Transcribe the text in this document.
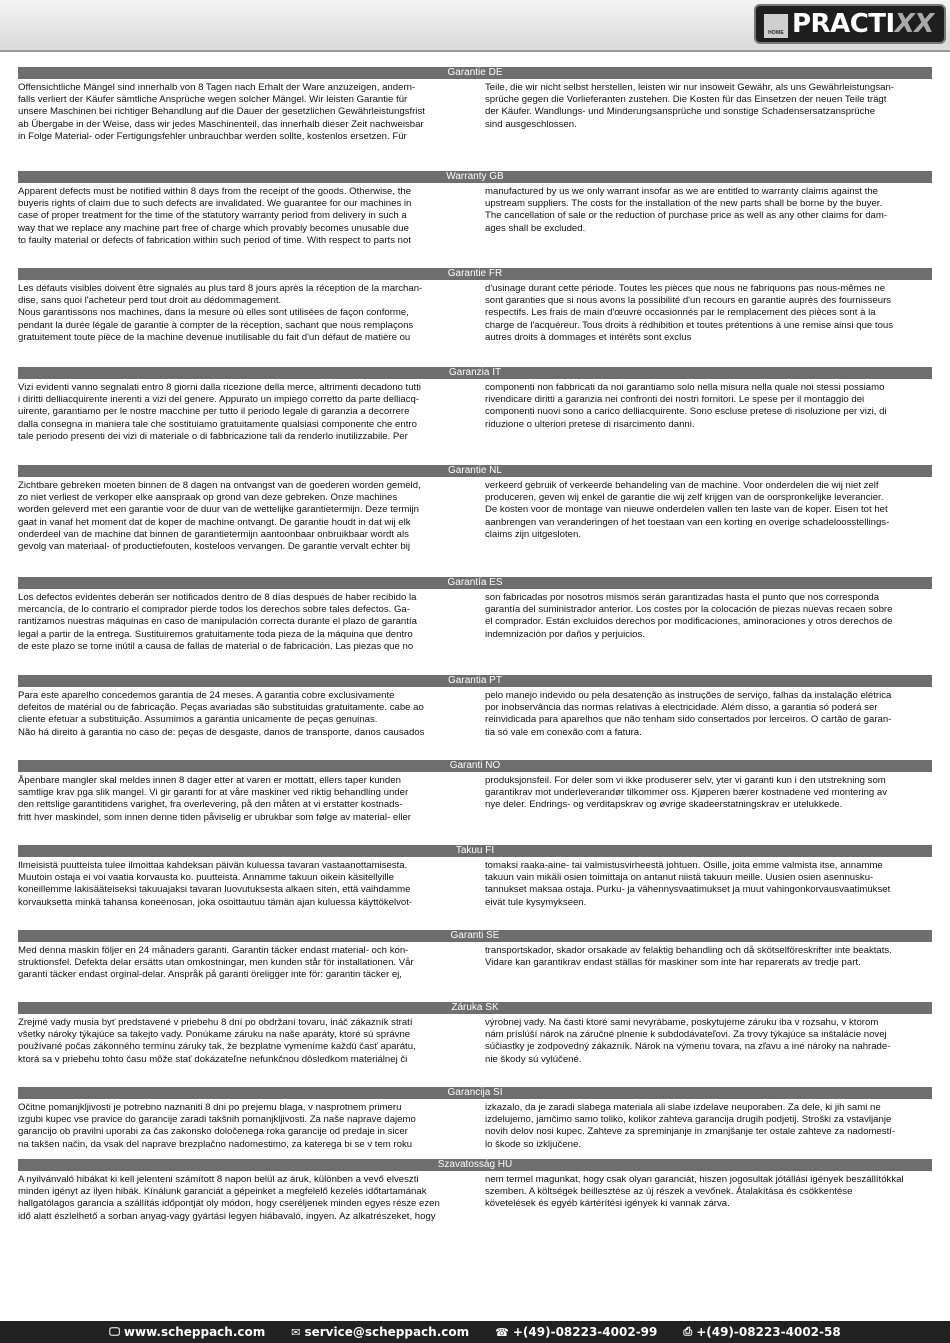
HOME PRACTIXX
Garantie DE
Offensichtliche Mängel sind innerhalb von 8 Tagen nach Erhalt der Ware anzuzeigen, andern-
falls verliert der Käufer sämtliche Ansprüche wegen solcher Mängel. Wir leisten Garantie für
unsere Maschinen bei richtiger Behandlung auf die Dauer der gesetzlichen Gewährleistungsfrist
ab Übergabe in der Weise, dass wir jedes Maschinenteil, das innerhalb dieser Zeit nachweisbar
in Folge Material- oder Fertigungsfehler unbrauchbar werden sollte, kostenlos ersetzen. Für
Teile, die wir nicht selbst herstellen, leisten wir nur insoweit Gewähr, als uns Gewährleistungsan-
sprüche gegen die Vorlieferanten zustehen. Die Kosten für das Einsetzen der neuen Teile trägt
der Käufer. Wandlungs- und Minderungsansprüche und sonstige Schadensersatzansprüche
sind ausgeschlossen.
Warranty GB
Apparent defects must be notified within 8 days from the receipt of the goods. Otherwise, the
buyeris rights of claim due to such defects are invalidated. We guarantee for our machines in
case of proper treatment for the time of the statutory warranty period from delivery in such a
way that we replace any machine part free of charge which provably becomes unusable due
to faulty material or defects of fabrication within such period of time. With respect to parts not
manufactured by us we only warrant insofar as we are entitled to warranty claims against the
upstream suppliers. The costs for the installation of the new parts shall be borne by the buyer.
The cancellation of sale or the reduction of purchase price as well as any other claims for dam-
ages shall be excluded.
Garantie FR
Les défauts visibles doivent être signalés au plus tard 8 jours après la réception de la marchan-
dise, sans quoi l'acheteur perd tout droit au dédommagement.
Nous garantissons nos machines, dans la mesure où elles sont utilisées de façon conforme,
pendant la durée légale de garantie à compter de la réception, sachant que nous remplaçons
gratuitement toute pièce de la machine devenue inutilisable du fait d'un défaut de matière ou
d'usinage durant cette période. Toutes les pièces que nous ne fabriquons pas nous-mêmes ne
sont garanties que si nous avons la possibilité d'un recours en garantie auprès des fournisseurs
respectifs. Les frais de main d'œuvre occasionnés par le remplacement des pièces sont à la
charge de l'acquéreur. Tous droits à rédhibition et toutes prétentions à une remise ainsi que tous
autres droits à dommages et intérêts sont exclus
Garanzia IT
Vizi evidenti vanno segnalati entro 8 giorni dalla ricezione della merce, altrimenti decadono tutti
i diritti delliacquirente inerenti a vizi del genere. Appurato un impiego corretto da parte delliacq-
uirente, garantiamo per le nostre macchine per tutto il periodo legale di garanzia a decorrere
dalla consegna in maniera tale che sostituiamo gratuitamente qualsiasi componente che entro
tale periodo presenti dei vizi di materiale o di fabbricazione tali da renderlo inutilizzabile. Per
componenti non fabbricati da noi garantiamo solo nella misura nella quale noi stessi possiamo
rivendicare diritti a garanzia nei confronti dei nostri fornitori. Le spese per il montaggio dei
componenti nuovi sono a carico delliacquirente. Sono escluse pretese di risoluzione per vizi, di
riduzione o ulteriori pretese di risarcimento danni.
Garantie NL
Zichtbare gebreken moeten binnen de 8 dagen na ontvangst van de goederen worden gemeld,
zo niet verliest de verkoper elke aanspraak op grond van deze gebreken. Onze machines
worden geleverd met een garantie voor de duur van de wettelijke garantietermijn. Deze termijn
gaat in vanaf het moment dat de koper de machine ontvangt. De garantie houdt in dat wij elk
onderdeel van de machine dat binnen de garantietermijn aantoonbaar onbruikbaar wordt als
gevolg van materiaal- of productiefouten, kosteloos vervangen. De garantie vervalt echter bij
verkeerd gebruik of verkeerde behandeling van de machine. Voor onderdelen die wij niet zelf
produceren, geven wij enkel de garantie die wij zelf krijgen van de oorspronkelijke leverancier.
De kosten voor de montage van nieuwe onderdelen vallen ten laste van de koper. Eisen tot het
aanbrengen van veranderingen of het toestaan van een korting en overige schadeloosstellings-
claims zijn uitgesloten.
Garantía ES
Los defectos evidentes deberán ser notificados dentro de 8 días después de haber recibido la
mercancía, de lo contrario el comprador pierde todos los derechos sobre tales defectos. Ga-
rantizamos nuestras máquinas en caso de manipulación correcta durante el plazo de garantía
legal a partir de la entrega. Sustituiremos gratuitamente toda pieza de la máquina que dentro
de este plazo se torne inútil a causa de fallas de material o de fabricación. Las piezas que no
son fabricadas por nosotros mismos serán garantizadas hasta el punto que nos corresponda
garantía del suministrador anterior. Los costes por la colocación de piezas nuevas recaen sobre
el comprador. Están excluidos derechos por modificaciones, aminoraciones y otros derechos de
indemnización por daños y perjuicios.
Garantia PT
Para este aparelho concedemos garantia de 24 meses. A garantia cobre exclusivamente
defeitos de matérial ou de fabricação. Peças avariadas são substituidas gratuitamente. cabe ao
cliente efetuar a substituição. Assumimos a garantia unicamente de peças genuinas.
Não há direito à garantia no caso de: peças de desgaste, danos de transporte, danos causados
pelo manejo indevido ou pela desatenção às instruções de serviço, falhas da instalação elétrica
por inobservância das normas relativas à electricidade. Além disso, a garantia só poderá ser
reinvidicada para aparelhos que não tenham sido consertados por lerceiros. O cartão de garan-
tia só vale em conexão com a fatura.
Garanti NO
Åpenbare mangler skal meldes innen 8 dager etter at varen er mottatt, ellers taper kunden
samtlige krav pga slik mangel. Vi gir garanti for at våre maskiner ved riktig behandling under
den rettslige garantitidens varighet, fra overlevering, på den måten at vi erstatter kostnads-
fritt hver maskindel, som innen denne tiden påviselig er ubrukbar som følge av material- eller
produksjonsfeil. For deler som vi ikke produserer selv, yter vi garanti kun i den utstrekning som
garantikrav mot underleverandør tilkommer oss. Kjøperen bærer kostnadene ved montering av
nye deler. Endrings- og verditapskrav og øvrige skadeerstatningskrav er utelukkede.
Takuu FI
Ilmeisistä puutteista tulee ilmoittaa kahdeksan päivän kuluessa tavaran vastaanottamisesta.
Muutoin ostaja ei voi vaatia korvausta ko. puutteista. Annamme takuun oikein käsitellyille
koneillemme lakisääteiseksi takuuajaksi tavaran luovutuksesta alkaen siten, että vaihdamme
korvauksetta minkä tahansa koneenosan, joka osoittautuu tämän ajan kuluessa käyttökelvot-
tomaksi raaka-aine- tai valmistusvirheestä johtuen. Osille, joita emme valmista itse, annamme
takuun vain mikäli osien toimittaja on antanut niistä takuun meille. Uusien osien asennusku-
tannukset maksaa ostaja. Purku- ja vähennysvaatimukset ja muut vahingonkorvausvaatimukset
eivät tule kysymykseen.
Garanti SE
Med denna maskin följer en 24 månaders garanti. Garantin täcker endast material- och kon-
struktionsfel. Defekta delar ersätts utan omkostningar, men kunden står för installationen. Vår
garanti täcker endast orginal-delar. Anspråk på garanti öreligger inte för: garantin täcker ej,
transportskador, skador orsakade av felaktig behandling och då skötselföreskrifter inte beaktats.
Vidare kan garantikrav endast ställas för maskiner som inte har reparerats av tredje part.
Záruka SK
Zrejmé vady musia byť predstavené v priebehu 8 dní po obdržaní tovaru, ináč zákazník stratí
všetky nároky týkajúce sa takejto vady. Ponúkame záruku na naše aparáty, ktoré sú správne
používané počas zákonného termínu záruky tak, že bezplatne vymeníme každú časť aparátu,
ktorá sa v priebehu tohto času môže stať dokázateľne nefunkčnou dôsledkom materiálnej či
výrobnej vady. Na časti ktoré sami nevyrábame, poskytujeme záruku iba v rozsahu, v ktorom
nám príslúší nárok na záručné plnenie k subdodávateľovi. Za trovy týkajúce sa inštalácie novej
súčiastky je zodpovedný zákazník. Nárok na výmenu tovara, na zľavu a iné nároky na nahrade-
nie škody sú vylúčené.
Garancija SI
Očitne pomanjkljivosti je potrebno naznaniti 8 dni po prejemu blaga, v nasprotnem primeru
izgubi kupec vse pravice do garancije zaradi takšnih pomanjkljivosti. Za naše naprave dajemo
garancijo ob pravilni uporabi za čas zakonsko določenega roka garancije od predaje in sicer
na takšen način, da vsak del naprave brezplačno nadomestimo, za katerega bi se v tem roku
izkazalo, da je zaradi slabega materiala ali slabe izdelave neuporaben. Za dele, ki jih sami ne
izdelujemo, jamčimo samo toliko, kolikor zahteva garancija drugih podjetij. Stroški za vstavljanje
novih delov nosi kupec. Zahteve za spreminjanje in zmanjšanje ter ostale zahteve za nadomestí-
lo škode so izključene.
Szavatosság HU
A nyilvánvaló hibákat ki kell jelenteni számított 8 napon belül az áruk, különben a vevő elveszti
minden igényt az ilyen hibák. Kínálunk garanciát a gépeinket a megfelelő kezelés időtartamának
hallgatólagos garancia a szállítás időpontját oly módon, hogy cseréljenek minden egyes része ezen
idő alatt észlelhető a sorban anyag-vagy gyártási legyen hiábavaló, ingyen. Az alkatrészeket, hogy
nem termel magunkat, hogy csak olyan garanciát, hiszen jogosultak jótállási igények beszállítókkal
szemben. A költségek beillesztése az új részek a vevőnek. Átalakítása és csökkentése
követelések és egyéb kártérítési igények ki vannak zárva.
🖵 www.scheppach.com ✉ service@scheppach.com ☎ +(49)-08223-4002-99 ⎙ +(49)-08223-4002-58
